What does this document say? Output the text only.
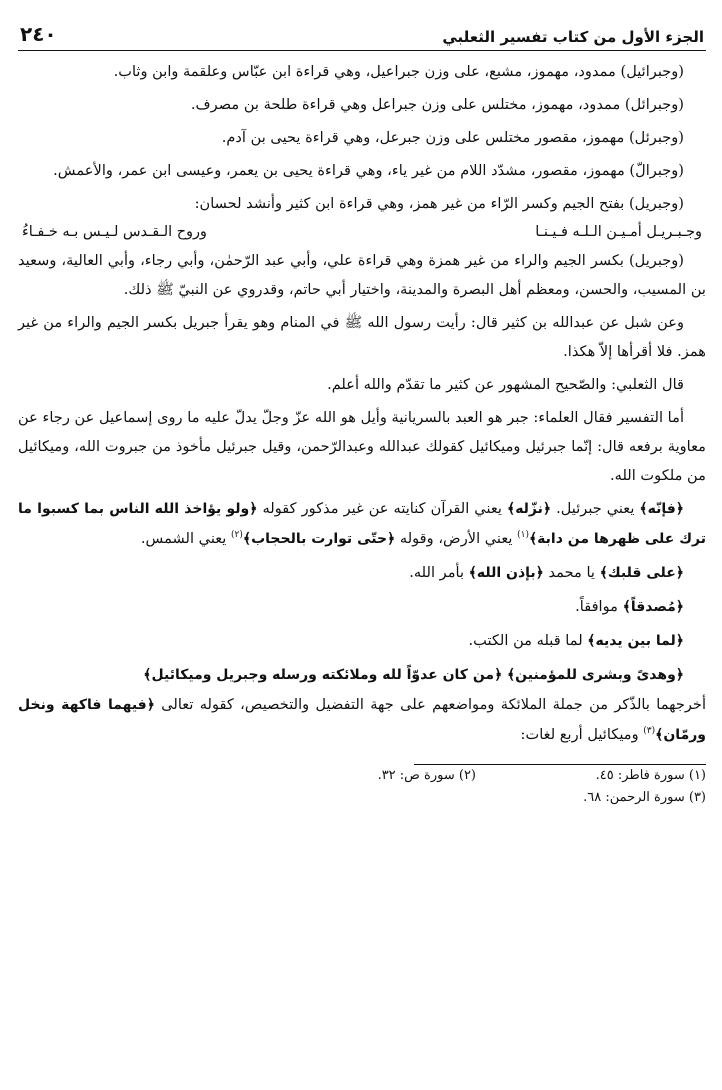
الجزء الأول من كتاب تفسير الثعلبي
٢٤٠

(وجبرائيل) ممدود، مهموز، مشبع، على وزن جبراعيل، وهي قراءة ابن عبّاس وعلقمة وابن وثاب.

(وجبرائل) ممدود، مهموز، مختلس على وزن جبراعل وهي قراءة طلحة بن مصرف.

(وجبرئل) مهموز، مقصور مختلس على وزن جبرعل، وهي قراءة يحيى بن آدم.

(وجبرالّ) مهموز، مقصور، مشدّد اللام من غير ياء، وهي قراءة يحيى بن يعمر، وعيسى ابن عمر، والأعمش.

(وجبريل) بفتح الجيم وكسر الرّاء من غير همز، وهي قراءة ابن كثير وأنشد لحسان:

وجـبـريـل أمـيـن الـلـه فـيـنـا
وروح الـقـدس لـيـس بـه خـفـاءُ

(وجبريل) بكسر الجيم والراء من غير همزة وهي قراءة علي، وأبي عبد الرّحمٰن، وأبي رجاء، وأبي العالية، وسعيد بن المسيب، والحسن، ومعظم أهل البصرة والمدينة، واختيار أبي حاتم، وقدروي عن النبيّ ﷺ ذلك.

وعن شبل عن عبدالله بن كثير قال: رأيت رسول الله ﷺ في المنام وهو يقرأ جبريل بكسر الجيم والراء من غير همز. فلا أقرأها إلاّ هكذا.

قال الثعلبي: والصّحيح المشهور عن كثير ما تقدّم والله أعلم.

أما التفسير فقال العلماء: جبر هو العبد بالسريانية وأيل هو الله عزّ وجلّ يدلّ عليه ما روى إسماعيل عن رجاء عن معاوية برفعه قال: إنّما جبرئيل وميكائيل كقولك عبدالله وعبدالرّحمن، وقيل جبرئيل مأخوذ من جبروت الله، وميكائيل من ملكوت الله.

﴿فإنّه﴾ يعني جبرئيل. ﴿نزّله﴾ يعني القرآن كنايته عن غير مذكور كقوله ﴿ولو يؤاخذ الله الناس بما كسبوا ما ترك على ظهرها من دابة﴾$^{(١)}$ يعني الأرض، وقوله ﴿حتّى توارت بالحجاب﴾$^{(٢)}$ يعني الشمس.

﴿على قلبك﴾ يا محمد ﴿بإذن الله﴾ بأمر الله.

﴿مُصدقاً﴾ موافقاً.

﴿لما بين يديه﴾ لما قبله من الكتب.

﴿وهدىً وبشرى للمؤمنين﴾ ﴿من كان عدوّاً لله وملائكته ورسله وجبريل وميكائيل﴾

أخرجهما بالذّكر من جملة الملائكة ومواضعهم على جهة التفضيل والتخصيص، كقوله تعالى ﴿فيهما فاكهة ونخل ورمّان﴾$^{(٣)}$ وميكائيل أربع لغات:

(١) سورة فاطر: ٤٥.
(٢) سورة ص: ٣٢.
(٣) سورة الرحمن: ٦٨.
